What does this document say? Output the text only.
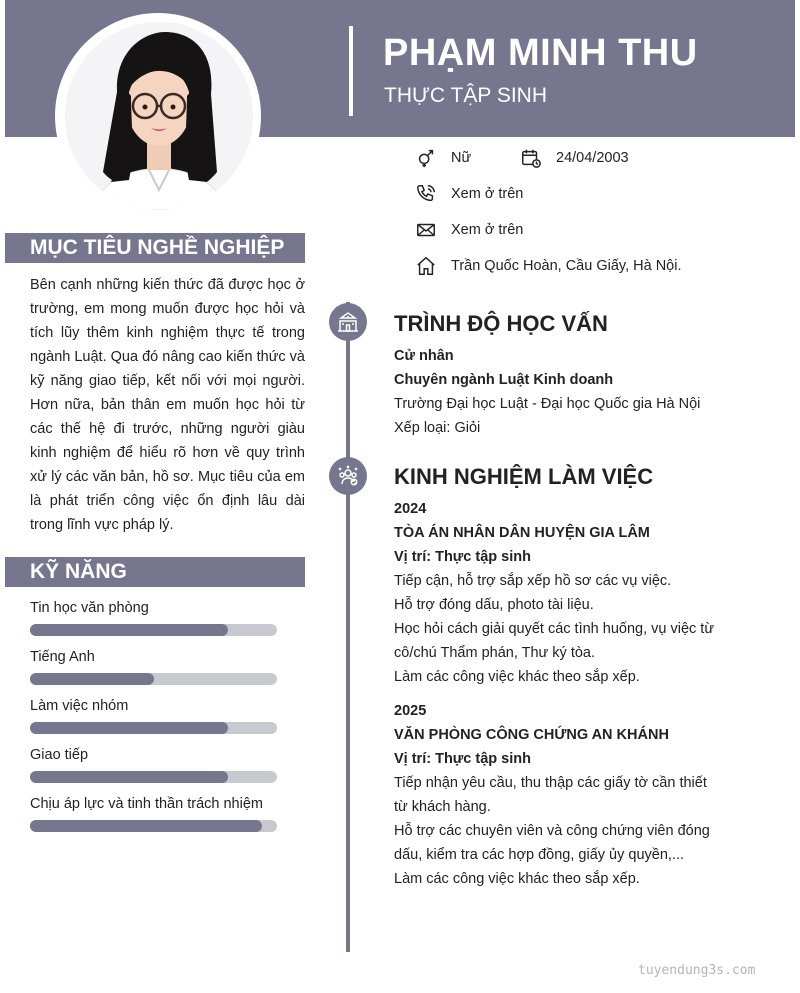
PHẠM MINH THU
THỰC TẬP SINH
Nữ	24/04/2003
Xem ở trên
Xem ở trên
Trần Quốc Hoàn, Cầu Giấy, Hà Nội.
MỤC TIÊU NGHỀ NGHIỆP
Bên cạnh những kiến thức đã được học ở trường, em mong muốn được học hỏi và tích lũy thêm kinh nghiệm thực tế trong ngành Luật. Qua đó nâng cao kiến thức và kỹ năng giao tiếp, kết nối với mọi người. Hơn nữa, bản thân em muốn học hỏi từ các thế hệ đi trước, những người giàu kinh nghiệm để hiểu rõ hơn về quy trình xử lý các văn bản, hồ sơ. Mục tiêu của em là phát triển công việc ổn định lâu dài trong lĩnh vực pháp lý.
KỸ NĂNG
Tin học văn phòng
Tiếng Anh
Làm việc nhóm
Giao tiếp
Chịu áp lực và tinh thần trách nhiệm
TRÌNH ĐỘ HỌC VẤN
Cử nhân
Chuyên ngành Luật Kinh doanh
Trường Đại học Luật - Đại học Quốc gia Hà Nội
Xếp loại: Giỏi
KINH NGHIỆM LÀM VIỆC
2024
TÒA ÁN NHÂN DÂN HUYỆN GIA LÂM
Vị trí: Thực tập sinh
Tiếp cận, hỗ trợ sắp xếp hồ sơ các vụ việc.
Hỗ trợ đóng dấu, photo tài liệu.
Học hỏi cách giải quyết các tình huống, vụ việc từ
cô/chú Thẩm phán, Thư ký tòa.
Làm các công việc khác theo sắp xếp.
2025
VĂN PHÒNG CÔNG CHỨNG AN KHÁNH
Vị trí: Thực tập sinh
Tiếp nhận yêu cầu, thu thập các giấy tờ cần thiết
từ khách hàng.
Hỗ trợ các chuyên viên và công chứng viên đóng
dấu, kiểm tra các hợp đồng, giấy ủy quyền,...
Làm các công việc khác theo sắp xếp.
tuyendung3s.com
